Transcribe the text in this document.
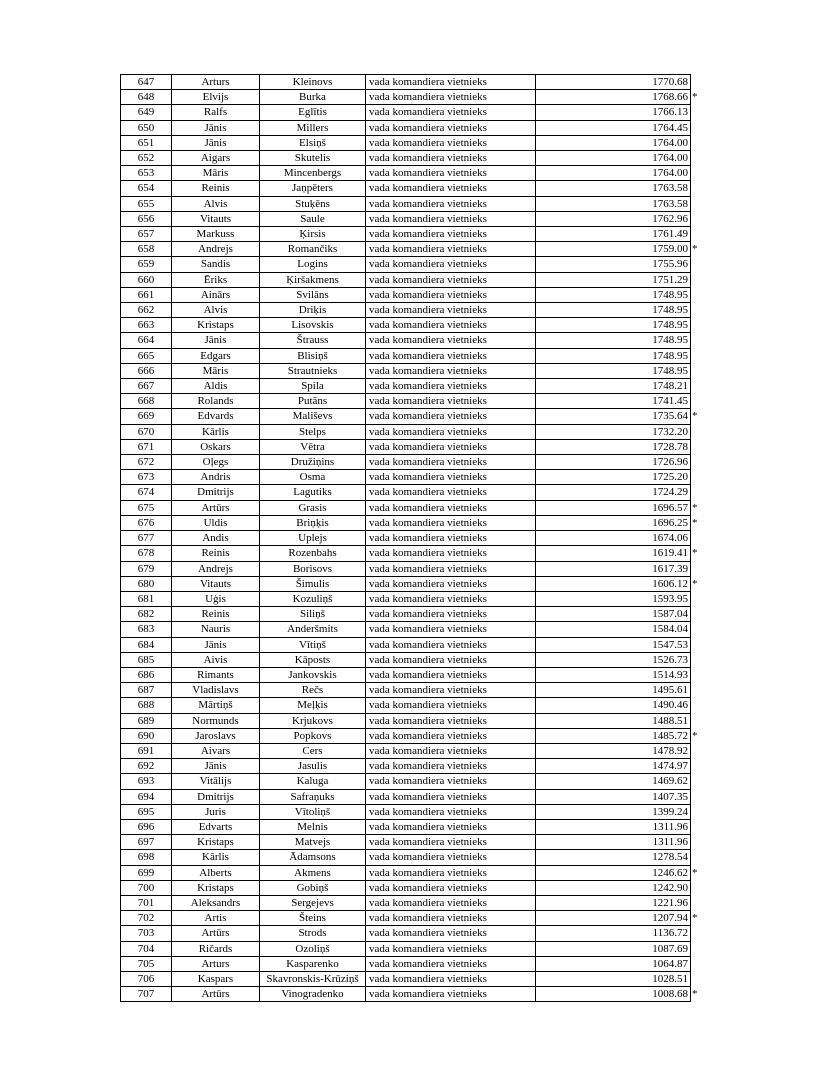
647	Arturs	Kleinovs	vada komandiera vietnieks	1770.68
648	Elvijs	Burka	vada komandiera vietnieks	1768.66 *

649	Ralfs	Eglītis	vada komandiera vietnieks	1766.13
650	Jānis	Millers	vada komandiera vietnieks	1764.45
651	Jānis	Elsiņš	vada komandiera vietnieks	1764.00
652	Aigars	Skutelis	vada komandiera vietnieks	1764.00
653	Māris	Mincenbergs	vada komandiera vietnieks	1764.00
654	Reinis	Jaņpēters	vada komandiera vietnieks	1763.58
655	Alvis	Stuķēns	vada komandiera vietnieks	1763.58
656	Vitauts	Saule	vada komandiera vietnieks	1762.96
657	Markuss	Ķirsis	vada komandiera vietnieks	1761.49
658	Andrejs	Romančiks	vada komandiera vietnieks	1759.00 *

659	Sandis	Logins	vada komandiera vietnieks	1755.96
660	Ēriks	Ķiršakmens	vada komandiera vietnieks	1751.29
661	Ainārs	Svilāns	vada komandiera vietnieks	1748.95
662	Alvis	Driķis	vada komandiera vietnieks	1748.95
663	Kristaps	Lisovskis	vada komandiera vietnieks	1748.95
664	Jānis	Štrauss	vada komandiera vietnieks	1748.95
665	Edgars	Blisiņš	vada komandiera vietnieks	1748.95
666	Māris	Strautnieks	vada komandiera vietnieks	1748.95
667	Aldis	Spila	vada komandiera vietnieks	1748.21
668	Rolands	Putāns	vada komandiera vietnieks	1741.45
669	Edvards	Mališevs	vada komandiera vietnieks	1735.64 *

670	Kārlis	Stelps	vada komandiera vietnieks	1732.20
671	Oskars	Vētra	vada komandiera vietnieks	1728.78
672	Oļegs	Družiņins	vada komandiera vietnieks	1726.96
673	Andris	Osma	vada komandiera vietnieks	1725.20
674	Dmitrijs	Lagutiks	vada komandiera vietnieks	1724.29
675	Artūrs	Grasis	vada komandiera vietnieks	1696.57 *

676	Uldis	Briņķis	vada komandiera vietnieks	1696.25 *

677	Andis	Uplejs	vada komandiera vietnieks	1674.06
678	Reinis	Rozenbahs	vada komandiera vietnieks	1619.41 *

679	Andrejs	Borisovs	vada komandiera vietnieks	1617.39
680	Vitauts	Šimulis	vada komandiera vietnieks	1606.12 *

681	Uģis	Kozuliņš	vada komandiera vietnieks	1593.95
682	Reinis	Siliņš	vada komandiera vietnieks	1587.04
683	Nauris	Anderšmits	vada komandiera vietnieks	1584.04
684	Jānis	Vītiņš	vada komandiera vietnieks	1547.53
685	Aivis	Kāposts	vada komandiera vietnieks	1526.73
686	Rimants	Jankovskis	vada komandiera vietnieks	1514.93
687	Vladislavs	Rečs	vada komandiera vietnieks	1495.61
688	Mārtiņš	Meļķis	vada komandiera vietnieks	1490.46
689	Normunds	Krjukovs	vada komandiera vietnieks	1488.51
690	Jaroslavs	Popkovs	vada komandiera vietnieks	1485.72 *

691	Aivars	Cers	vada komandiera vietnieks	1478.92
692	Jānis	Jasulis	vada komandiera vietnieks	1474.97
693	Vitālijs	Kaluga	vada komandiera vietnieks	1469.62
694	Dmitrijs	Safraņuks	vada komandiera vietnieks	1407.35
695	Juris	Vītoliņš	vada komandiera vietnieks	1399.24
696	Edvarts	Melnis	vada komandiera vietnieks	1311.96
697	Kristaps	Matvejs	vada komandiera vietnieks	1311.96
698	Kārlis	Ādamsons	vada komandiera vietnieks	1278.54
699	Alberts	Akmens	vada komandiera vietnieks	1246.62 *

700	Kristaps	Gobiņš	vada komandiera vietnieks	1242.90
701	Aleksandrs	Sergejevs	vada komandiera vietnieks	1221.96
702	Artis	Šteins	vada komandiera vietnieks	1207.94 *

703	Artūrs	Strods	vada komandiera vietnieks	1136.72
704	Ričards	Ozoliņš	vada komandiera vietnieks	1087.69
705	Arturs	Kasparenko	vada komandiera vietnieks	1064.87
706	Kaspars	Skavronskis-Krūziņš	vada komandiera vietnieks	1028.51
707	Artūrs	Vinogradenko	vada komandiera vietnieks	1008.68 *
